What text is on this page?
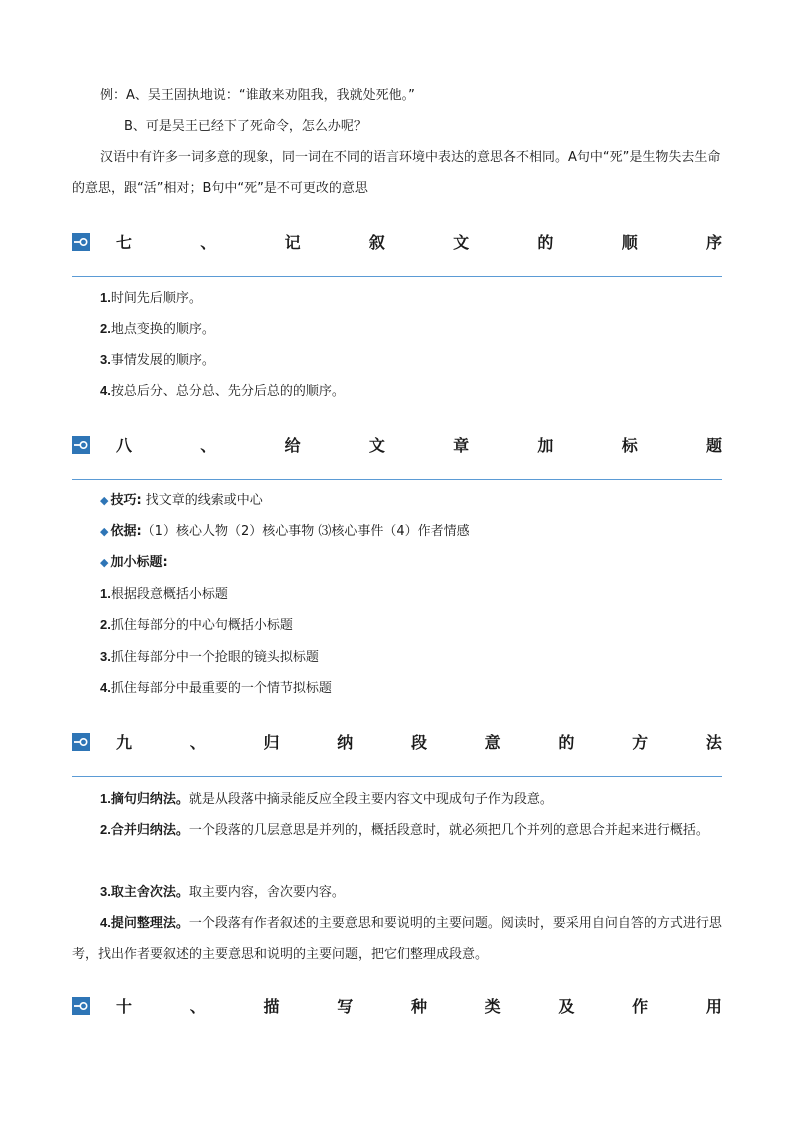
例：A、吴王固执地说：“谁敢来劝阻我，我就处死他。”
B、可是吴王已经下了死命令，怎么办呢？
汉语中有许多一词多意的现象，同一词在不同的语言环境中表达的意思各不相同。A句中“死”是生物失去生命的意思，跟“活”相对；B句中“死”是不可更改的意思
七	、	记	叙	文	的	顺	序
1.时间先后顺序。
2.地点变换的顺序。
3.事情发展的顺序。
4.按总后分、总分总、先分后总的的顺序。
八	、	给	文	章	加	标	题
◆ 技巧: 找文章的线索或中心
◆ 依据:（1）核心人物（2）核心事物 ⑶核心事件（4）作者情感
◆ 加小标题:
1.根据段意概括小标题
2.抓住每部分的中心句概括小标题
3.抓住每部分中一个抢眼的镜头拟标题
4.抓住每部分中最重要的一个情节拟标题
九	、	归	纳	段	意	的	方	法
1.摘句归纳法。就是从段落中摘录能反应全段主要内容文中现成句子作为段意。
2.合并归纳法。一个段落的几层意思是并列的，概括段意时，就必须把几个并列的意思合并起来进行概括。
3.取主舍次法。取主要内容，舍次要内容。
4.提问整理法。一个段落有作者叙述的主要意思和要说明的主要问题。阅读时，要采用自问自答的方式进行思考，找出作者要叙述的主要意思和说明的主要问题，把它们整理成段意。
十	、	描	写	种	类	及	作	用
